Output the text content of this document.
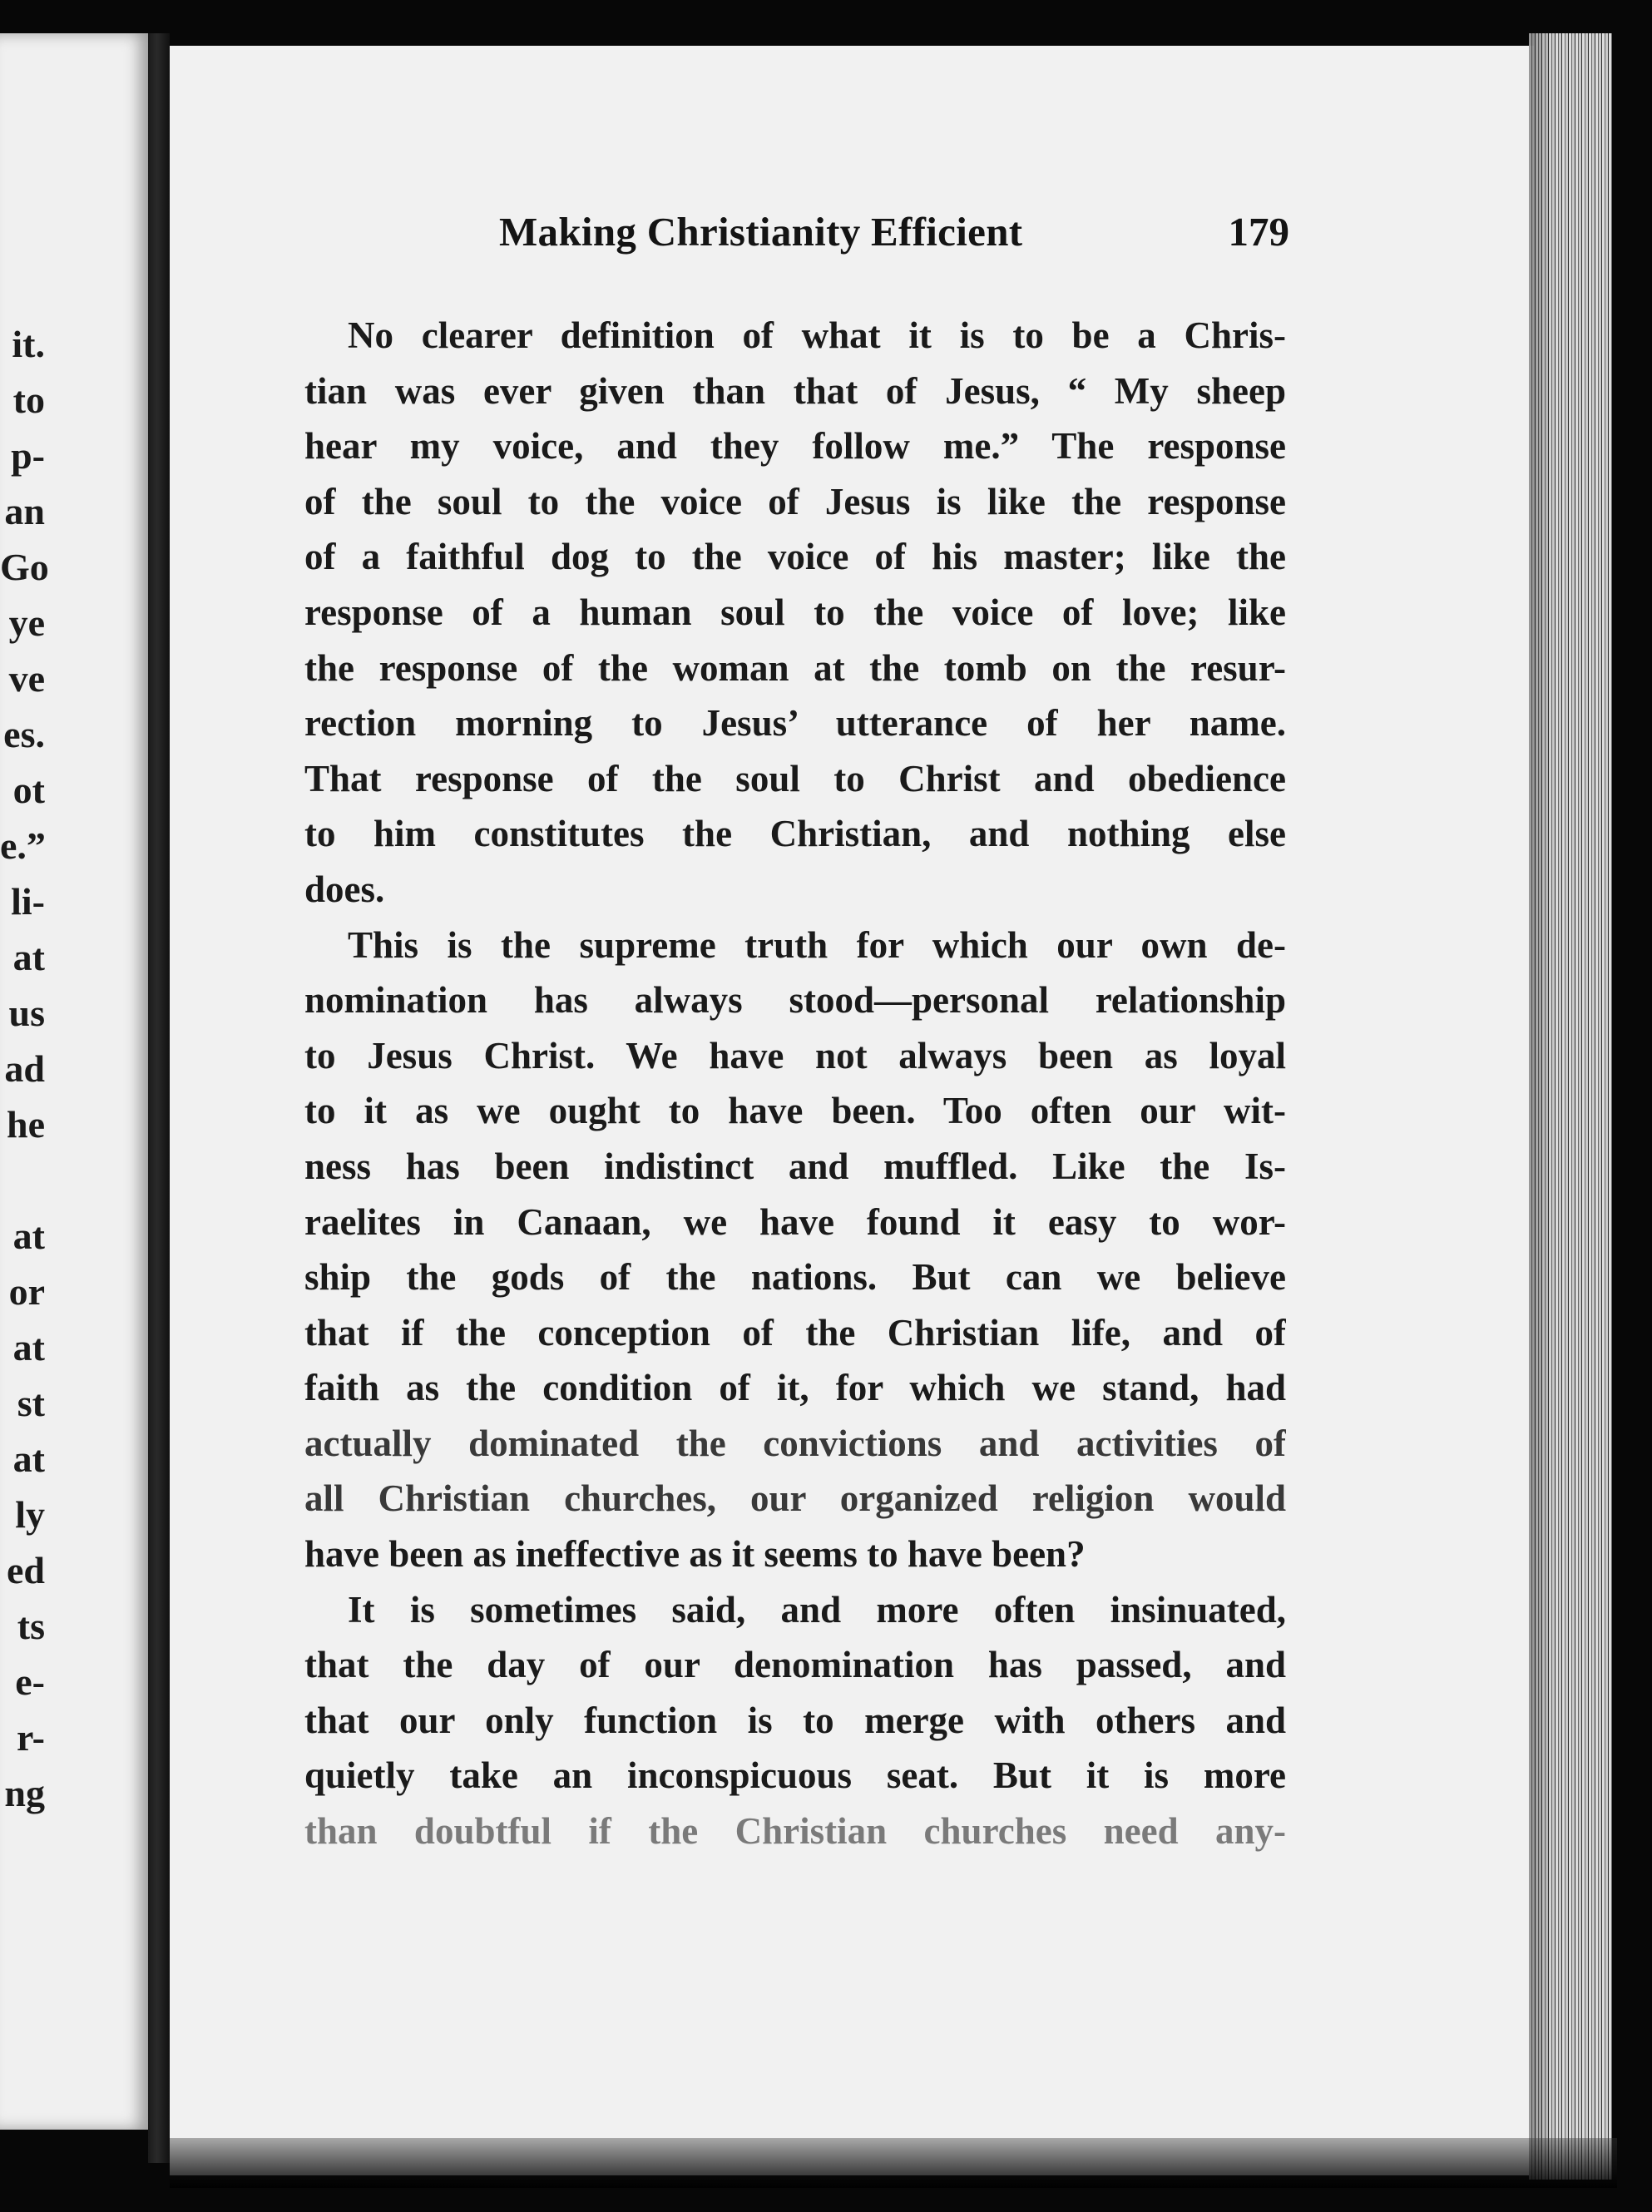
it.
to
p-
an
Go
ye
ve
es.
ot
e.”
li-
at
us
ad
he
at
or
at
st
at
ly
ed
ts
e-
r-
ng
Making Christianity Efficient	179
No clearer definition of what it is to be a Chris-
tian was ever given than that of Jesus, “ My sheep
hear my voice, and they follow me.” The response
of the soul to the voice of Jesus is like the response
of a faithful dog to the voice of his master; like the
response of a human soul to the voice of love; like
the response of the woman at the tomb on the resur-
rection morning to Jesus’ utterance of her name.
That response of the soul to Christ and obedience
to him constitutes the Christian, and nothing else
does.
This is the supreme truth for which our own de-
nomination has always stood—personal relationship
to Jesus Christ. We have not always been as loyal
to it as we ought to have been. Too often our wit-
ness has been indistinct and muffled. Like the Is-
raelites in Canaan, we have found it easy to wor-
ship the gods of the nations. But can we believe
that if the conception of the Christian life, and of
faith as the condition of it, for which we stand, had
actually dominated the convictions and activities of
all Christian churches, our organized religion would
have been as ineffective as it seems to have been?
It is sometimes said, and more often insinuated,
that the day of our denomination has passed, and
that our only function is to merge with others and
quietly take an inconspicuous seat. But it is more
than doubtful if the Christian churches need any-
